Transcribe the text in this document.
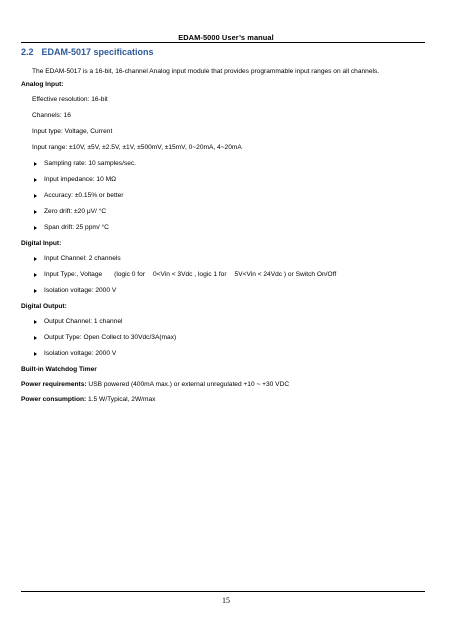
EDAM-5000 User’s manual
2.2 EDAM-5017 specifications
The EDAM-5017 is a 16-bit, 16-channel Analog input module that provides programmable input ranges on all channels.
Analog Input:
Effective resolution: 16-bit
Channels: 16
Input type: Voltage, Current
Input range: ±10V, ±5V, ±2.5V, ±1V, ±500mV, ±15mV, 0~20mA, 4~20mA
Sampling rate: 10 samples/sec.
Input impedance: 10 MΩ
Accuracy: ±0.15% or better
Zero drift: ±20 μV/ °C
Span drift: 25 ppm/ °C
Digital Input:
Input Channel: 2 channels
Input Type:, Voltage (logic 0 for 0<Vin < 3Vdc , logic 1 for 5V<Vin < 24Vdc ) or Switch On/Off
Isolation voltage: 2000 V
Digital Output:
Output Channel: 1 channel
Output Type: Open Collect to 30Vdc/3A(max)
Isolation voltage: 2000 V
Built-in Watchdog Timer
Power requirements: USB powered (400mA max.) or external unregulated +10 ~ +30 VDC
Power consumption: 1.5 W/Typical, 2W/max
15
